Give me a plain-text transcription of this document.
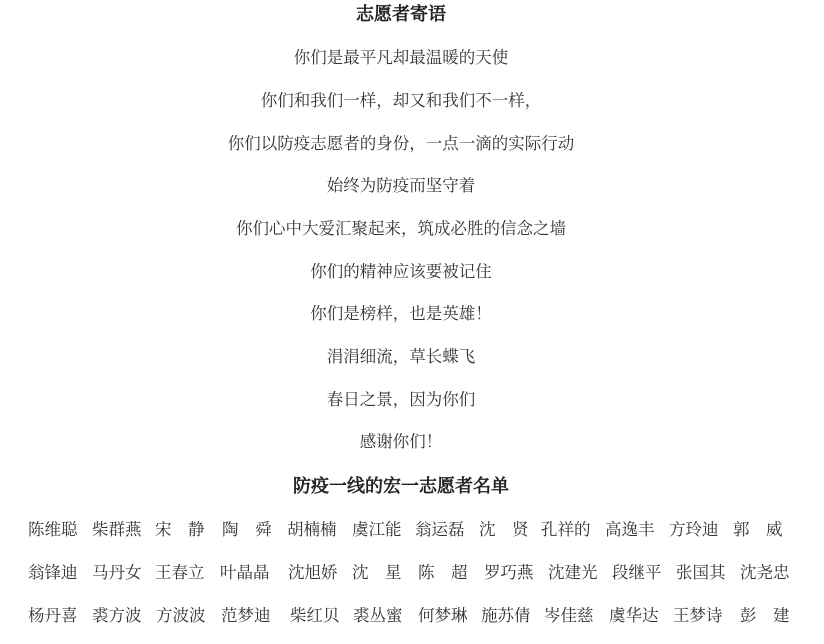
志愿者寄语
你们是最平凡却最温暖的天使
你们和我们一样，却又和我们不一样，
你们以防疫志愿者的身份，一点一滴的实际行动
始终为防疫而坚守着
你们心中大爱汇聚起来，筑成必胜的信念之墙
你们的精神应该要被记住
你们是榜样，也是英雄！
涓涓细流，草长蝶飞
春日之景，因为你们
感谢你们！
防疫一线的宏一志愿者名单
陈维聪 柴群燕 宋　静 陶　舜 胡楠楠 虞江能 翁运磊 沈　贤 孔祥的 高逸丰 方玲迪 郭　威
翁锋迪 马丹女 王春立 叶晶晶 沈旭娇 沈　星 陈　超 罗巧燕 沈建光 段继平 张国其 沈尧忠
杨丹喜 裘方波 方波波 范梦迪 柴红贝 裘丛蜜 何梦琳 施苏倩 岑佳慈 虞华达 王梦诗 彭　建
